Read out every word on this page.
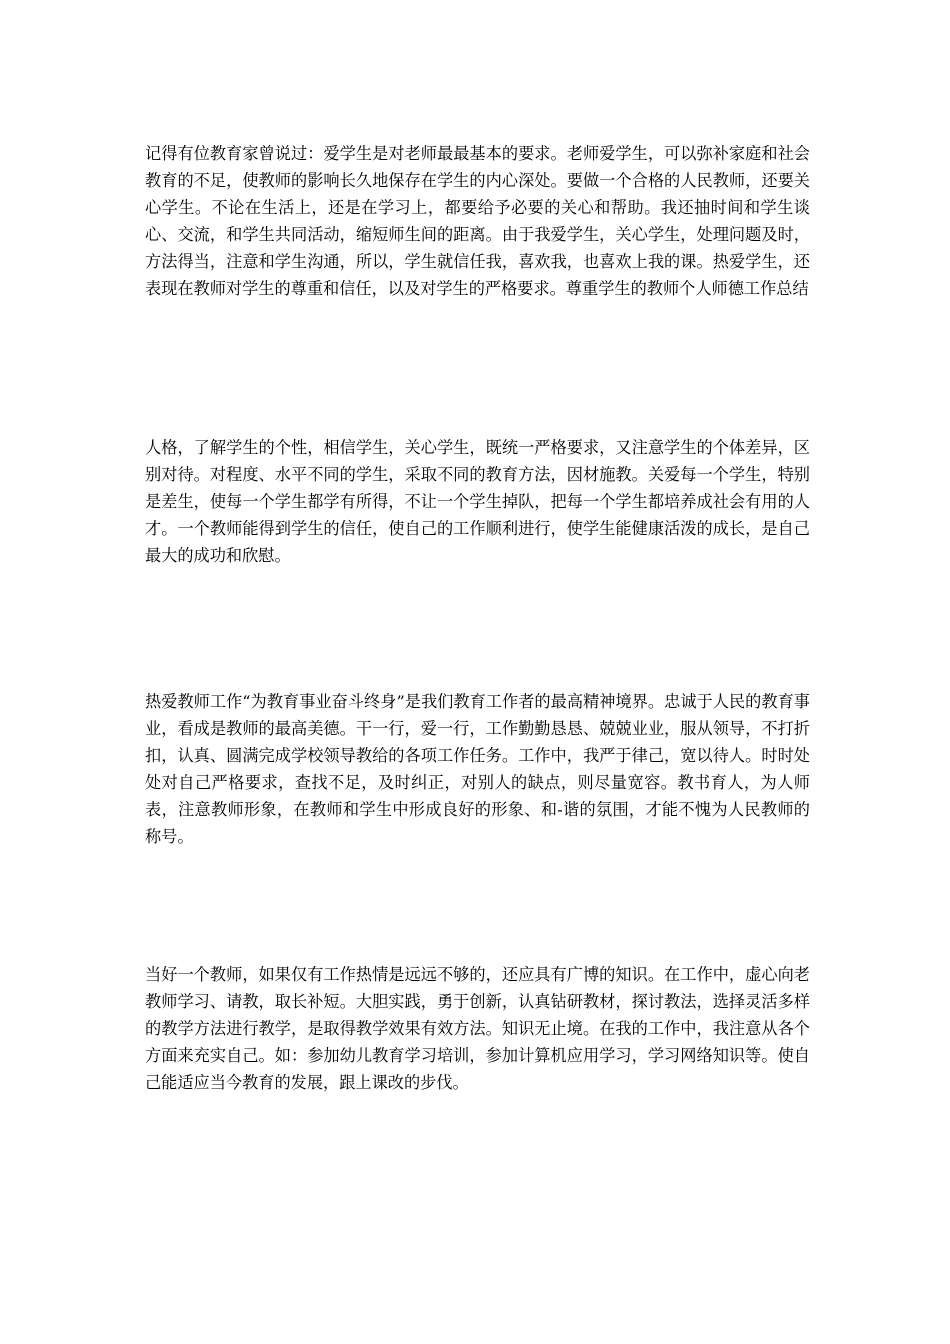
记得有位教育家曾说过：爱学生是对老师最最基本的要求。老师爱学生，可以弥补家庭和社会教育的不足，使教师的影响长久地保存在学生的内心深处。要做一个合格的人民教师，还要关心学生。不论在生活上，还是在学习上，都要给予必要的关心和帮助。我还抽时间和学生谈心、交流，和学生共同活动，缩短师生间的距离。由于我爱学生，关心学生，处理问题及时，方法得当，注意和学生沟通，所以，学生就信任我，喜欢我，也喜欢上我的课。热爱学生，还表现在教师对学生的尊重和信任，以及对学生的严格要求。尊重学生的教师个人师德工作总结

人格，了解学生的个性，相信学生，关心学生，既统一严格要求，又注意学生的个体差异，区别对待。对程度、水平不同的学生，采取不同的教育方法，因材施教。关爱每一个学生，特别是差生，使每一个学生都学有所得，不让一个学生掉队，把每一个学生都培养成社会有用的人才。一个教师能得到学生的信任，使自己的工作顺利进行，使学生能健康活泼的成长，是自己最大的成功和欣慰。

热爱教师工作“为教育事业奋斗终身”是我们教育工作者的最高精神境界。忠诚于人民的教育事业，看成是教师的最高美德。干一行，爱一行，工作勤勤恳恳、兢兢业业，服从领导，不打折扣，认真、圆满完成学校领导教给的各项工作任务。工作中，我严于律己，宽以待人。时时处处对自己严格要求，查找不足，及时纠正，对别人的缺点，则尽量宽容。教书育人，为人师表，注意教师形象，在教师和学生中形成良好的形象、和-谐的氛围，才能不愧为人民教师的称号。

当好一个教师，如果仅有工作热情是远远不够的，还应具有广博的知识。在工作中，虚心向老教师学习、请教，取长补短。大胆实践，勇于创新，认真钻研教材，探讨教法，选择灵活多样的教学方法进行教学，是取得教学效果有效方法。知识无止境。在我的工作中，我注意从各个方面来充实自己。如：参加幼儿教育学习培训，参加计算机应用学习，学习网络知识等。使自己能适应当今教育的发展，跟上课改的步伐。
